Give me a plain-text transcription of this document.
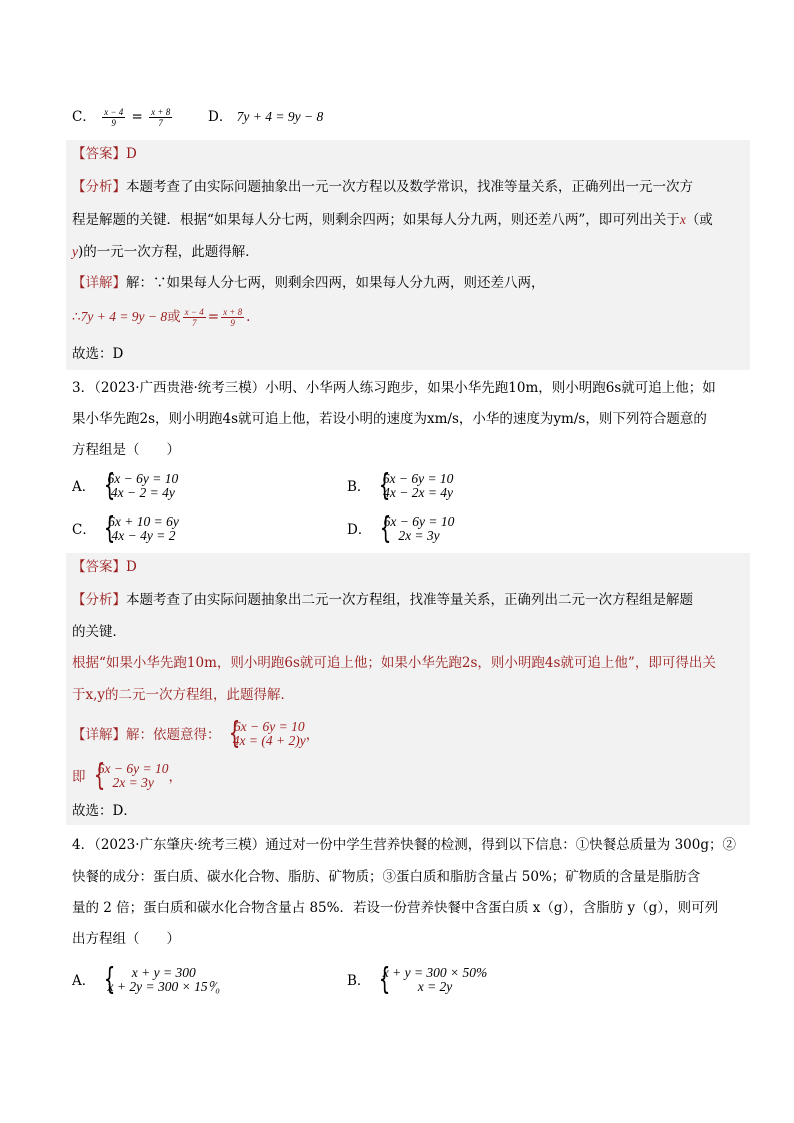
C． $\frac{x - 4}{9} = \frac{x + 8}{7}$	D． 7y + 4 = 9y − 8
【答案】D
【分析】本题考查了由实际问题抽象出一元一次方程以及数学常识，找准等量关系，正确列出一元一次方
程是解题的关键．根据“如果每人分七两，则剩余四两；如果每人分九两，则还差八两”，即可列出关于x（或
y)的一元一次方程，此题得解．
【详解】解：∵如果每人分七两，则剩余四两，如果每人分九两，则还差八两，
∴7y + 4 = 9y − 8或 $\frac{x - 4}{7} = \frac{x + 8}{9}$ .
故选：D
3．（2023·广西贵港·统考三模）小明、小华两人练习跑步，如果小华先跑10m，则小明跑6s就可追上他；如
果小华先跑2s，则小明跑4s就可追上他，若设小明的速度为xm/s，小华的速度为ym/s，则下列符合题意的
方程组是（　　）
A． {
6x − 6y = 10
4x − 2 = 4y	B． {
6x − 6y = 10
4x − 2x = 4y
C． {
6x + 10 = 6y
4x − 4y = 2	D． {
6x − 6y = 10
2x = 3y
【答案】D
【分析】本题考查了由实际问题抽象出二元一次方程组，找准等量关系，正确列出二元一次方程组是解题
的关键．
根据“如果小华先跑10m，则小明跑6s就可追上他；如果小华先跑2s，则小明跑4s就可追上他”，即可得出关
于x,y的二元一次方程组，此题得解．
【详解】解：依题意得： {
6x − 6y = 10
4x = (4 + 2)y ，
即 {
6x − 6y = 10
2x = 3y	，
故选：D．
4．（2023·广东肇庆·统考三模）通过对一份中学生营养快餐的检测，得到以下信息：①快餐总质量为 300g；②
快餐的成分：蛋白质、碳水化合物、脂肪、矿物质；③蛋白质和脂肪含量占 50%；矿物质的含量是脂肪含
量的 2 倍；蛋白质和碳水化合物含量占 85%．若设一份营养快餐中含蛋白质 x（g），含脂肪 y（g），则可列
出方程组（　　）
A． {	x + y = 300
x + 2y = 300 × 15⁰⁄₀	B． {
x + y = 300 × 50%
x = 2y
